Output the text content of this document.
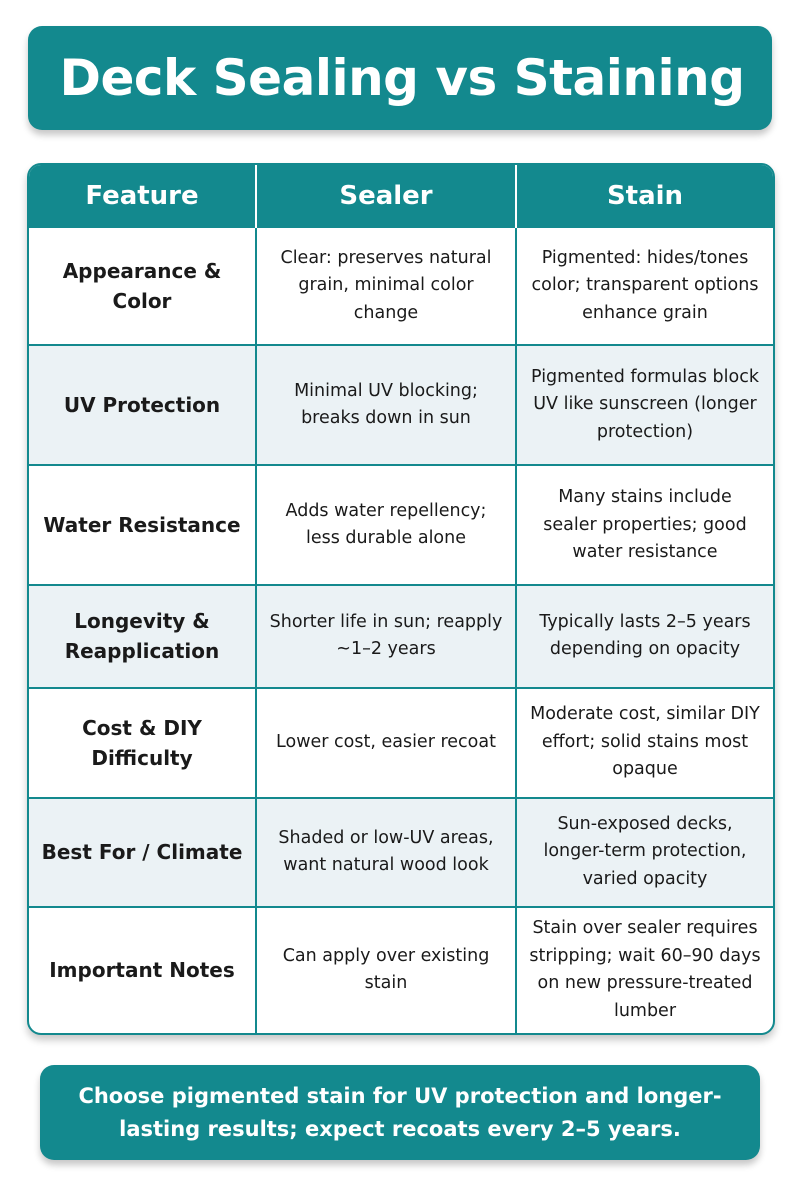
Deck Sealing vs Staining
Feature	Sealer	Stain
Appearance & Color	Clear: preserves natural grain, minimal color change	Pigmented: hides/tones color; transparent options enhance grain
UV Protection	Minimal UV blocking; breaks down in sun	Pigmented formulas block UV like sunscreen (longer protection)
Water Resistance	Adds water repellency; less durable alone	Many stains include sealer properties; good water resistance
Longevity & Reapplication	Shorter life in sun; reapply ~1–2 years	Typically lasts 2–5 years depending on opacity
Cost & DIY Difficulty	Lower cost, easier recoat	Moderate cost, similar DIY effort; solid stains most opaque
Best For / Climate	Shaded or low-UV areas, want natural wood look	Sun-exposed decks, longer-term protection, varied opacity
Important Notes	Can apply over existing stain	Stain over sealer requires stripping; wait 60–90 days on new pressure-treated lumber
Choose pigmented stain for UV protection and longer-lasting results; expect recoats every 2–5 years.
